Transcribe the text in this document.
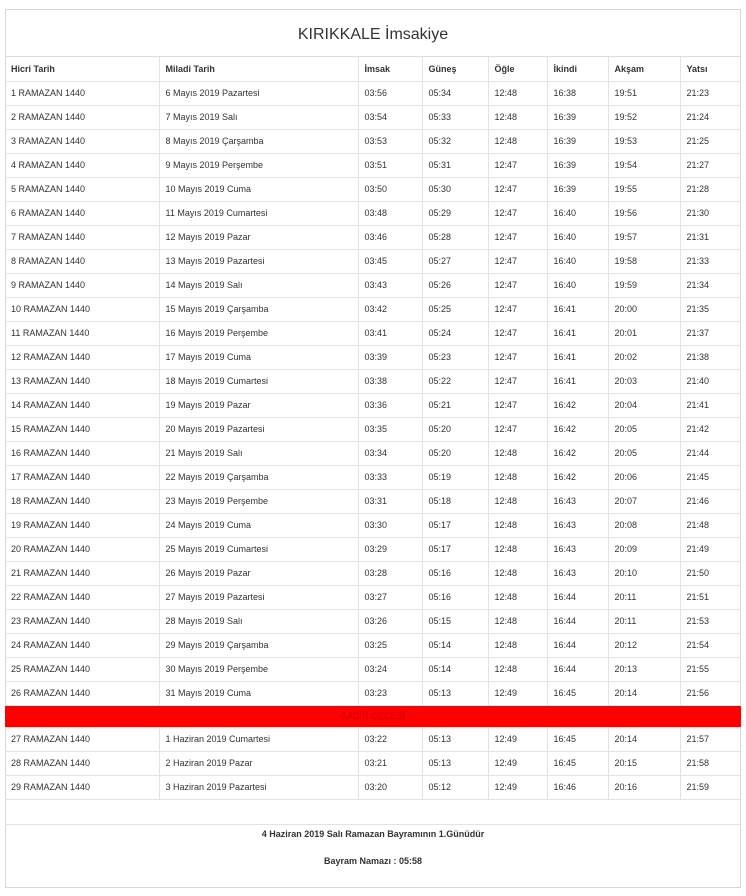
KIRIKKALE İmsakiye
Hicri Tarih	Miladi Tarih	İmsak	Güneş	Öğle	İkindi	Akşam	Yatsı
1 RAMAZAN 1440	6 Mayıs 2019 Pazartesi	03:56	05:34	12:48	16:38	19:51	21:23
2 RAMAZAN 1440	7 Mayıs 2019 Salı	03:54	05:33	12:48	16:39	19:52	21:24
3 RAMAZAN 1440	8 Mayıs 2019 Çarşamba	03:53	05:32	12:48	16:39	19:53	21:25
4 RAMAZAN 1440	9 Mayıs 2019 Perşembe	03:51	05:31	12:47	16:39	19:54	21:27
5 RAMAZAN 1440	10 Mayıs 2019 Cuma	03:50	05:30	12:47	16:39	19:55	21:28
6 RAMAZAN 1440	11 Mayıs 2019 Cumartesi	03:48	05:29	12:47	16:40	19:56	21:30
7 RAMAZAN 1440	12 Mayıs 2019 Pazar	03:46	05:28	12:47	16:40	19:57	21:31
8 RAMAZAN 1440	13 Mayıs 2019 Pazartesi	03:45	05:27	12:47	16:40	19:58	21:33
9 RAMAZAN 1440	14 Mayıs 2019 Salı	03:43	05:26	12:47	16:40	19:59	21:34
10 RAMAZAN 1440	15 Mayıs 2019 Çarşamba	03:42	05:25	12:47	16:41	20:00	21:35
11 RAMAZAN 1440	16 Mayıs 2019 Perşembe	03:41	05:24	12:47	16:41	20:01	21:37
12 RAMAZAN 1440	17 Mayıs 2019 Cuma	03:39	05:23	12:47	16:41	20:02	21:38
13 RAMAZAN 1440	18 Mayıs 2019 Cumartesi	03:38	05:22	12:47	16:41	20:03	21:40
14 RAMAZAN 1440	19 Mayıs 2019 Pazar	03:36	05:21	12:47	16:42	20:04	21:41
15 RAMAZAN 1440	20 Mayıs 2019 Pazartesi	03:35	05:20	12:47	16:42	20:05	21:42
16 RAMAZAN 1440	21 Mayıs 2019 Salı	03:34	05:20	12:48	16:42	20:05	21:44
17 RAMAZAN 1440	22 Mayıs 2019 Çarşamba	03:33	05:19	12:48	16:42	20:06	21:45
18 RAMAZAN 1440	23 Mayıs 2019 Perşembe	03:31	05:18	12:48	16:43	20:07	21:46
19 RAMAZAN 1440	24 Mayıs 2019 Cuma	03:30	05:17	12:48	16:43	20:08	21:48
20 RAMAZAN 1440	25 Mayıs 2019 Cumartesi	03:29	05:17	12:48	16:43	20:09	21:49
21 RAMAZAN 1440	26 Mayıs 2019 Pazar	03:28	05:16	12:48	16:43	20:10	21:50
22 RAMAZAN 1440	27 Mayıs 2019 Pazartesi	03:27	05:16	12:48	16:44	20:11	21:51
23 RAMAZAN 1440	28 Mayıs 2019 Salı	03:26	05:15	12:48	16:44	20:11	21:53
24 RAMAZAN 1440	29 Mayıs 2019 Çarşamba	03:25	05:14	12:48	16:44	20:12	21:54
25 RAMAZAN 1440	30 Mayıs 2019 Perşembe	03:24	05:14	12:48	16:44	20:13	21:55
26 RAMAZAN 1440	31 Mayıs 2019 Cuma	03:23	05:13	12:49	16:45	20:14	21:56
KADİR GECESİ							
27 RAMAZAN 1440	1 Haziran 2019 Cumartesi	03:22	05:13	12:49	16:45	20:14	21:57
28 RAMAZAN 1440	2 Haziran 2019 Pazar	03:21	05:13	12:49	16:45	20:15	21:58
29 RAMAZAN 1440	3 Haziran 2019 Pazartesi	03:20	05:12	12:49	16:46	20:16	21:59
4 Haziran 2019 Salı Ramazan Bayramının 1.Günüdür
Bayram Namazı : 05:58
